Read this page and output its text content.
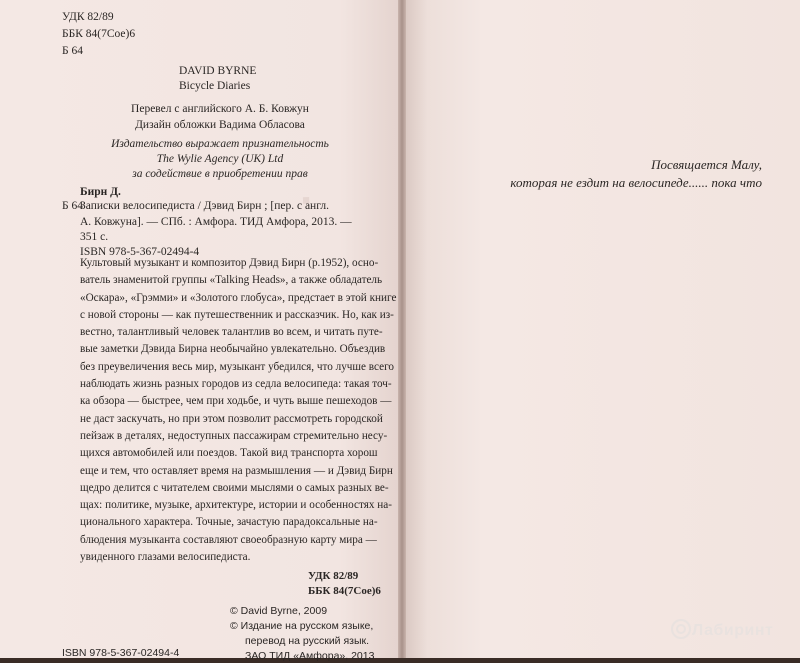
·
УДК 82/89
ББК 84(7Сое)6
Б 64
DAVID BYRNE
Bicycle Diaries
Перевел с английского А. Б. Ковжун
Дизайн обложки Вадима Обласова
Издательство выражает признательность
The Wylie Agency (UK) Ltd
за содействие в приобретении прав
Бирн Д.
Б 64
Записки велосипедиста / Дэвид Бирн ; [пер. с англ.
А. Ковжуна]. — СПб. : Амфора. ТИД Амфора, 2013. —
351 с.
ISBN 978-5-367-02494-4
Культовый музыкант и композитор Дэвид Бирн (р.1952), осно-
ватель знаменитой группы «Talking Heads», а также обладатель
«Оскара», «Грэмми» и «Золотого глобуса», предстает в этой книге
с новой стороны — как путешественник и рассказчик. Но, как из-
вестно, талантливый человек талантлив во всем, и читать путе-
вые заметки Дэвида Бирна необычайно увлекательно. Объездив
без преувеличения весь мир, музыкант убедился, что лучше всего
наблюдать жизнь разных городов из седла велосипеда: такая точ-
ка обзора — быстрее, чем при ходьбе, и чуть выше пешеходов —
не даст заскучать, но при этом позволит рассмотреть городской
пейзаж в деталях, недоступных пассажирам стремительно несу-
щихся автомобилей или поездов. Такой вид транспорта хорош
еще и тем, что оставляет время на размышления — и Дэвид Бирн
щедро делится с читателем своими мыслями о самых разных ве-
щах: политике, музыке, архитектуре, истории и особенностях на-
ционального характера. Точные, зачастую парадоксальные на-
блюдения музыканта составляют своеобразную карту мира —
увиденного глазами велосипедиста.
УДК 82/89
ББК 84(7Сое)6
© David Byrne, 2009
© Издание на русском языке,
перевод на русский язык.
ЗАО ТИД «Амфора», 2013
ISBN 978-5-367-02494-4
Посвящается Малу,
которая не ездит на велосипеде...... пока что
Лабиринт
